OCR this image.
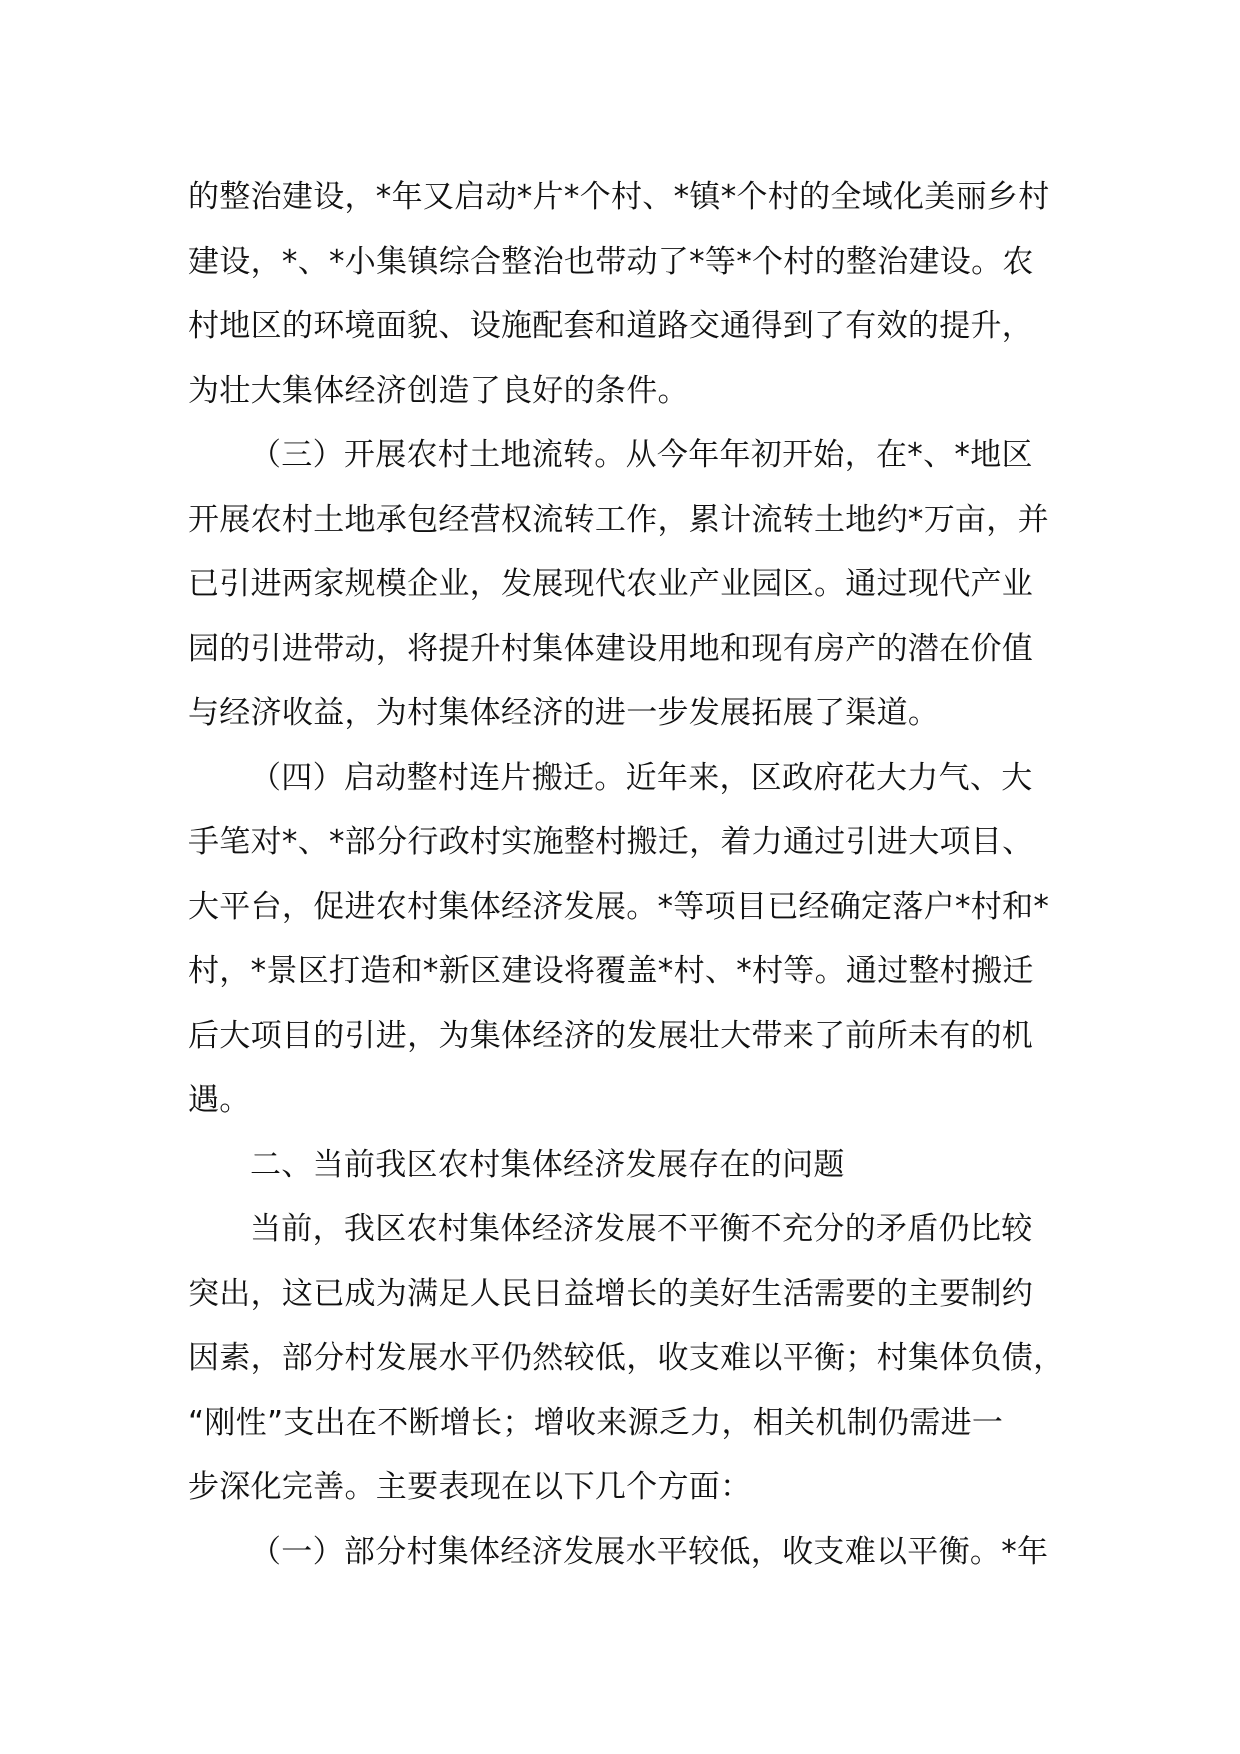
的整治建设，*年又启动*片*个村、*镇*个村的全域化美丽乡村
建设，*、*小集镇综合整治也带动了*等*个村的整治建设。农
村地区的环境面貌、设施配套和道路交通得到了有效的提升，
为壮大集体经济创造了良好的条件。
（三）开展农村土地流转。从今年年初开始，在*、*地区
开展农村土地承包经营权流转工作，累计流转土地约*万亩，并
已引进两家规模企业，发展现代农业产业园区。通过现代产业
园的引进带动，将提升村集体建设用地和现有房产的潜在价值
与经济收益，为村集体经济的进一步发展拓展了渠道。
（四）启动整村连片搬迁。近年来，区政府花大力气、大
手笔对*、*部分行政村实施整村搬迁，着力通过引进大项目、
大平台，促进农村集体经济发展。*等项目已经确定落户*村和*
村，*景区打造和*新区建设将覆盖*村、*村等。通过整村搬迁
后大项目的引进，为集体经济的发展壮大带来了前所未有的机
遇。
二、当前我区农村集体经济发展存在的问题
当前，我区农村集体经济发展不平衡不充分的矛盾仍比较
突出，这已成为满足人民日益增长的美好生活需要的主要制约
因素，部分村发展水平仍然较低，收支难以平衡；村集体负债，
“刚性”支出在不断增长；增收来源乏力，相关机制仍需进一
步深化完善。主要表现在以下几个方面：
（一）部分村集体经济发展水平较低，收支难以平衡。*年
